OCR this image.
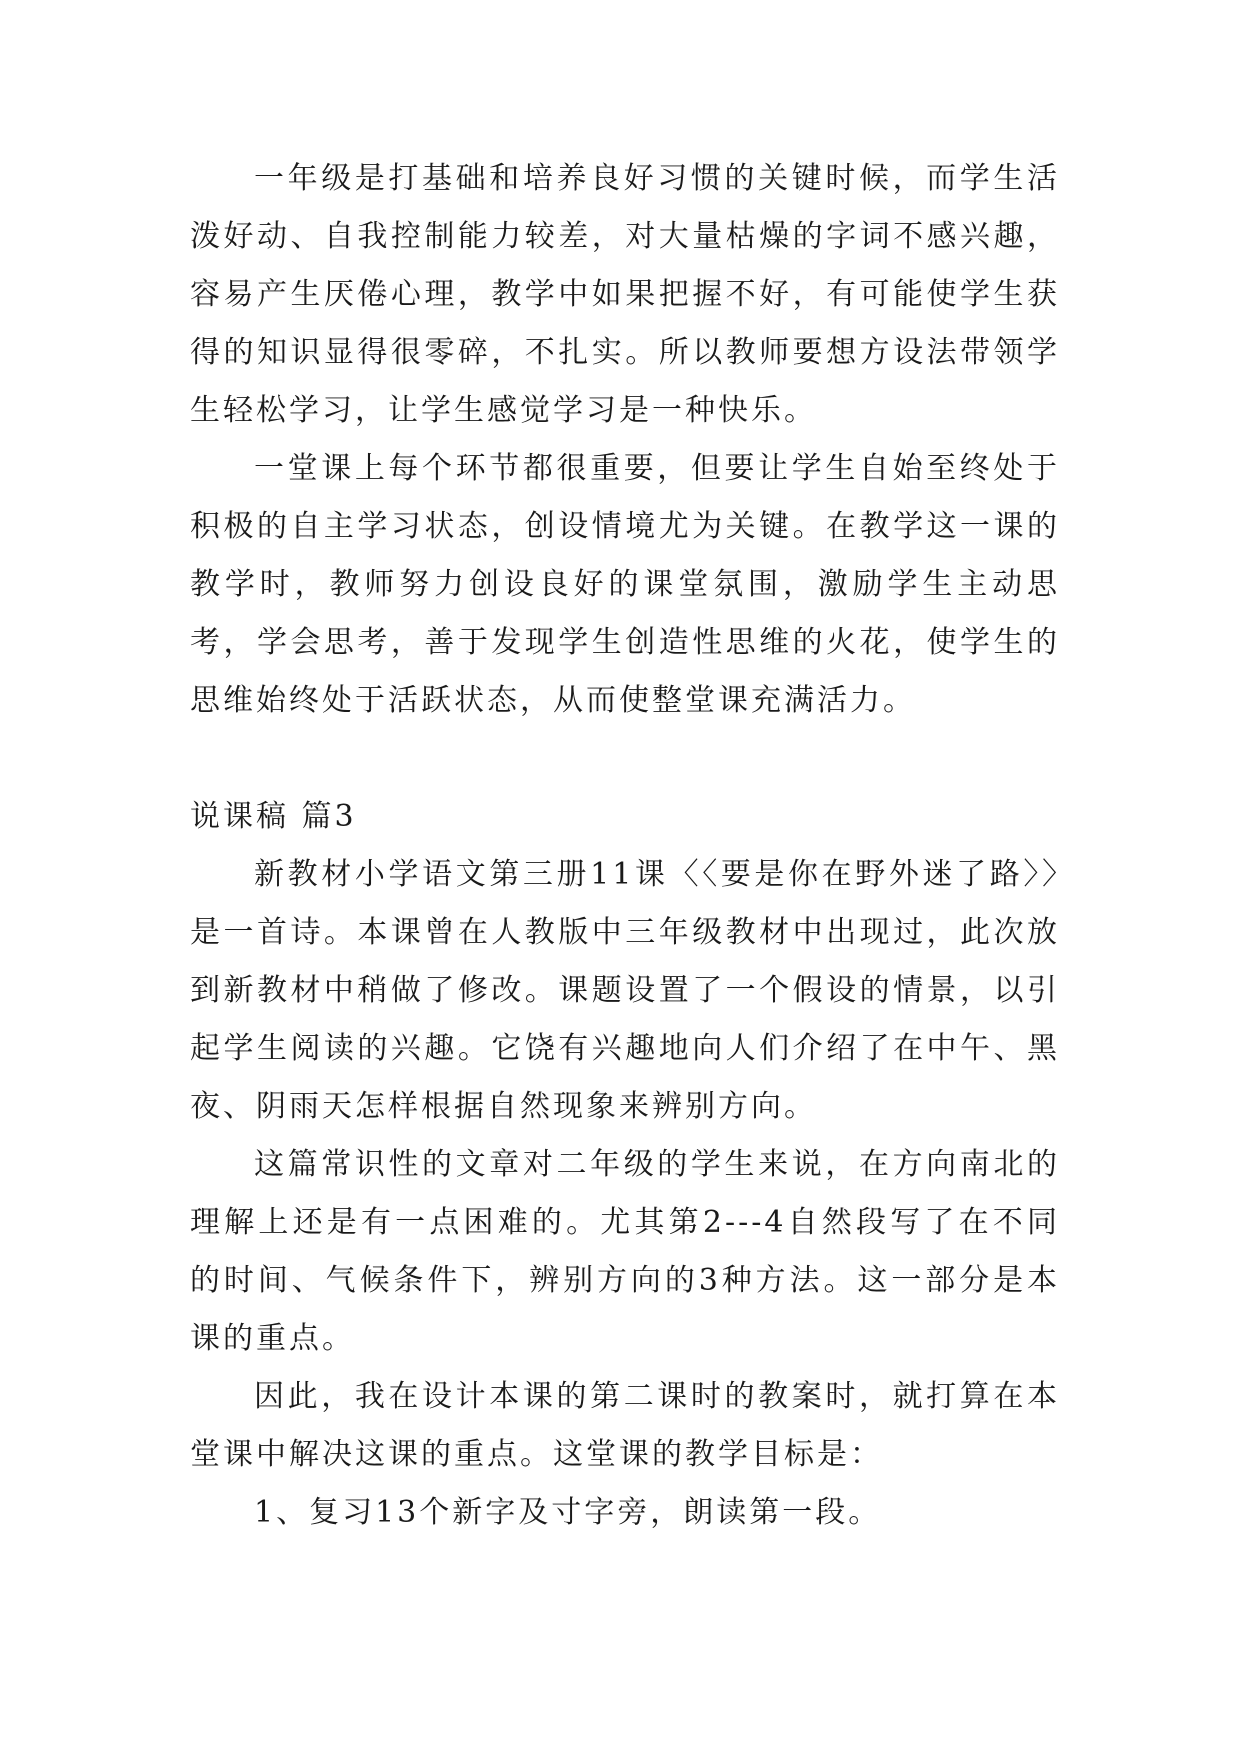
一年级是打基础和培养良好习惯的关键时候，而学生活泼好动、自我控制能力较差，对大量枯燥的字词不感兴趣，容易产生厌倦心理，教学中如果把握不好，有可能使学生获得的知识显得很零碎，不扎实。所以教师要想方设法带领学生轻松学习，让学生感觉学习是一种快乐。

一堂课上每个环节都很重要，但要让学生自始至终处于积极的自主学习状态，创设情境尤为关键。在教学这一课的教学时，教师努力创设良好的课堂氛围，激励学生主动思考，学会思考，善于发现学生创造性思维的火花，使学生的思维始终处于活跃状态，从而使整堂课充满活力。

说课稿 篇3

新教材小学语文第三册11课〈〈要是你在野外迷了路〉〉是一首诗。本课曾在人教版中三年级教材中出现过，此次放到新教材中稍做了修改。课题设置了一个假设的情景，以引起学生阅读的兴趣。它饶有兴趣地向人们介绍了在中午、黑夜、阴雨天怎样根据自然现象来辨别方向。

这篇常识性的文章对二年级的学生来说，在方向南北的理解上还是有一点困难的。尤其第2---4自然段写了在不同的时间、气候条件下，辨别方向的3种方法。这一部分是本课的重点。

因此，我在设计本课的第二课时的教案时，就打算在本堂课中解决这课的重点。这堂课的教学目标是：

1、复习13个新字及寸字旁，朗读第一段。
